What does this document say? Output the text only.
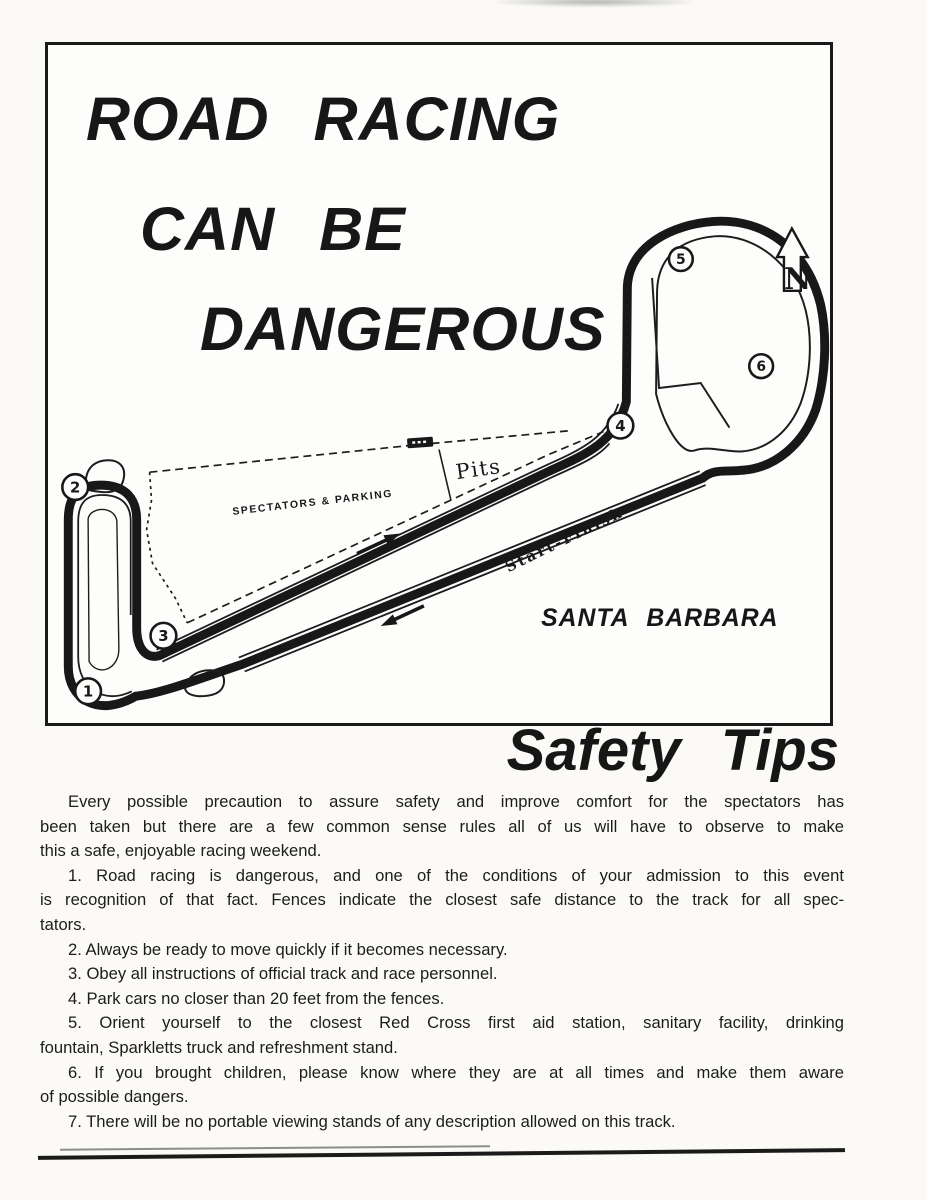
N
SPECTATORS & PARKING
Pits
Start-Finish
SANTA BARBARA
1
2
3
4
5
6
ROAD RACING
CAN BE
DANGEROUS
Safety Tips
Every possible precaution to assure safety and improve comfort for the spectators has
been taken but there are a few common sense rules all of us will have to observe to make
this a safe, enjoyable racing weekend.
1. Road racing is dangerous, and one of the conditions of your admission to this event
is recognition of that fact. Fences indicate the closest safe distance to the track for all spec-
tators.
2. Always be ready to move quickly if it becomes necessary.
3. Obey all instructions of official track and race personnel.
4. Park cars no closer than 20 feet from the fences.
5. Orient yourself to the closest Red Cross first aid station, sanitary facility, drinking
fountain, Sparkletts truck and refreshment stand.
6. If you brought children, please know where they are at all times and make them aware
of possible dangers.
7. There will be no portable viewing stands of any description allowed on this track.
